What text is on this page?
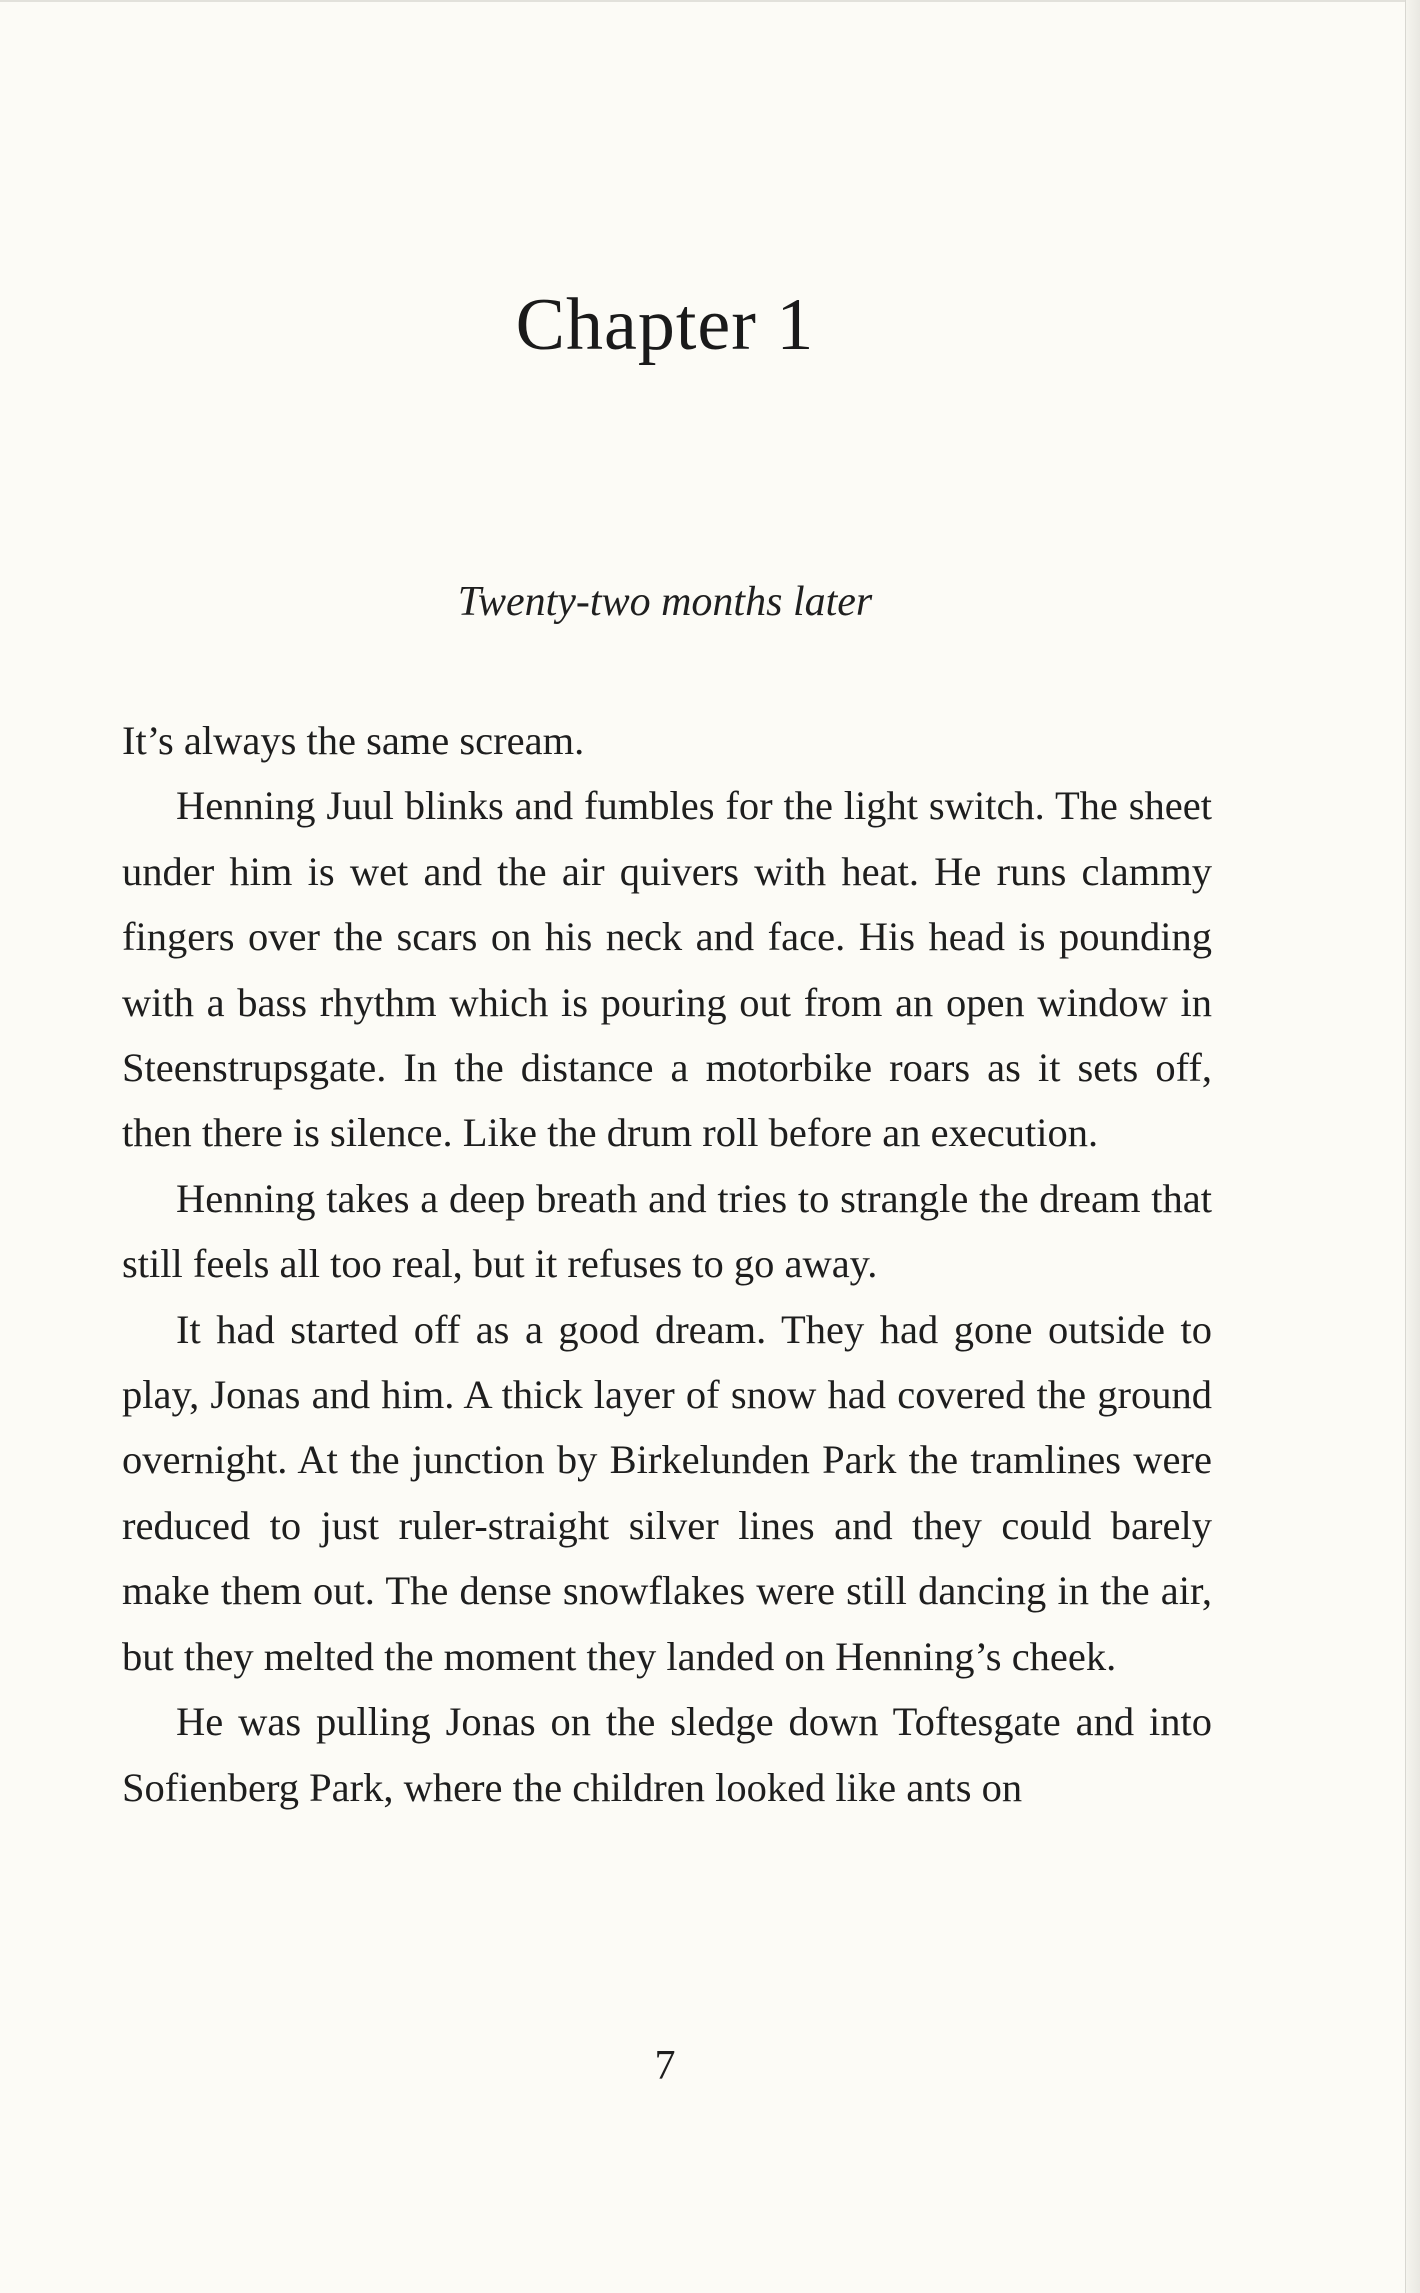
Chapter 1
Twenty-two months later

It’s always the same scream.

Henning Juul blinks and fumbles for the light switch. The sheet under him is wet and the air quivers with heat. He runs clammy fingers over the scars on his neck and face. His head is pounding with a bass rhythm which is pouring out from an open window in Steenstrupsgate. In the distance a motorbike roars as it sets off, then there is silence. Like the drum roll before an execution.

Henning takes a deep breath and tries to strangle the dream that still feels all too real, but it refuses to go away.

It had started off as a good dream. They had gone outside to play, Jonas and him. A thick layer of snow had covered the ground overnight. At the junction by Birkelunden Park the tramlines were reduced to just ruler-straight silver lines and they could barely make them out. The dense snowflakes were still dancing in the air, but they melted the moment they landed on Henning’s cheek.

He was pulling Jonas on the sledge down Toftesgate and into Sofienberg Park, where the children looked like ants on

7
